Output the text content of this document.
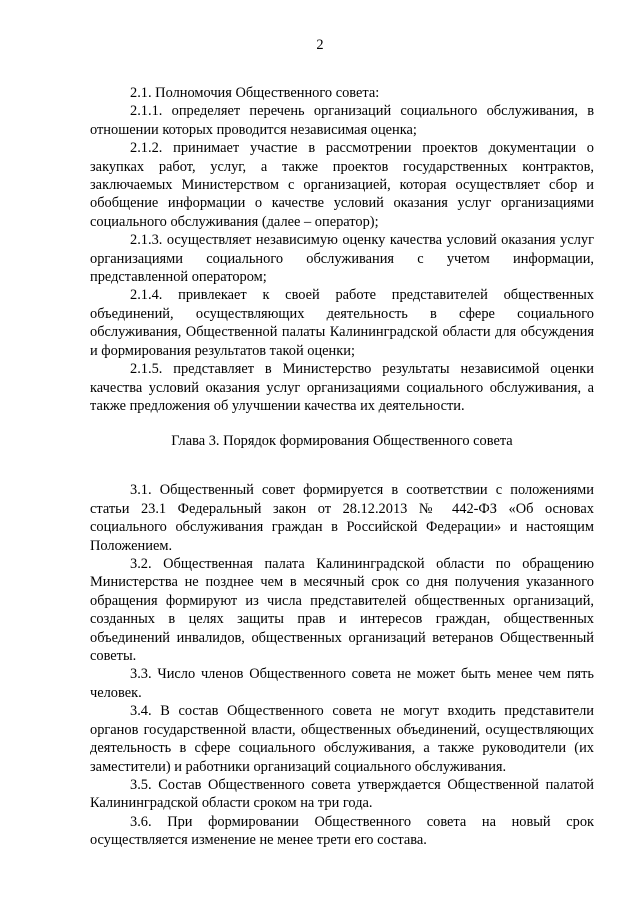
2

2.1. Полномочия Общественного совета:

2.1.1. определяет перечень организаций социального обслуживания, в отношении которых проводится независимая оценка;

2.1.2. принимает участие в рассмотрении проектов документации о закупках работ, услуг, а также проектов государственных контрактов, заключаемых Министерством с организацией, которая осуществляет сбор и обобщение информации о качестве условий оказания услуг организациями социального обслуживания (далее – оператор);

2.1.3. осуществляет независимую оценку качества условий оказания услуг организациями социального обслуживания с учетом информации, представленной оператором;

2.1.4. привлекает к своей работе представителей общественных объединений, осуществляющих деятельность в сфере социального обслуживания, Общественной палаты Калининградской области для обсуждения и формирования результатов такой оценки;

2.1.5. представляет в Министерство результаты независимой оценки качества условий оказания услуг организациями социального обслуживания, а также предложения об улучшении качества их деятельности.

Глава 3. Порядок формирования Общественного совета

3.1. Общественный совет формируется в соответствии с положениями статьи 23.1 Федеральный закон от 28.12.2013 № 442-ФЗ «Об основах социального обслуживания граждан в Российской Федерации» и настоящим Положением.

3.2. Общественная палата Калининградской области по обращению Министерства не позднее чем в месячный срок со дня получения указанного обращения формируют из числа представителей общественных организаций, созданных в целях защиты прав и интересов граждан, общественных объединений инвалидов, общественных организаций ветеранов Общественный советы.

3.3. Число членов Общественного совета не может быть менее чем пять человек.

3.4. В состав Общественного совета не могут входить представители органов государственной власти, общественных объединений, осуществляющих деятельность в сфере социального обслуживания, а также руководители (их заместители) и работники организаций социального обслуживания.

3.5. Состав Общественного совета утверждается Общественной палатой Калининградской области сроком на три года.

3.6. При формировании Общественного совета на новый срок осуществляется изменение не менее трети его состава.
